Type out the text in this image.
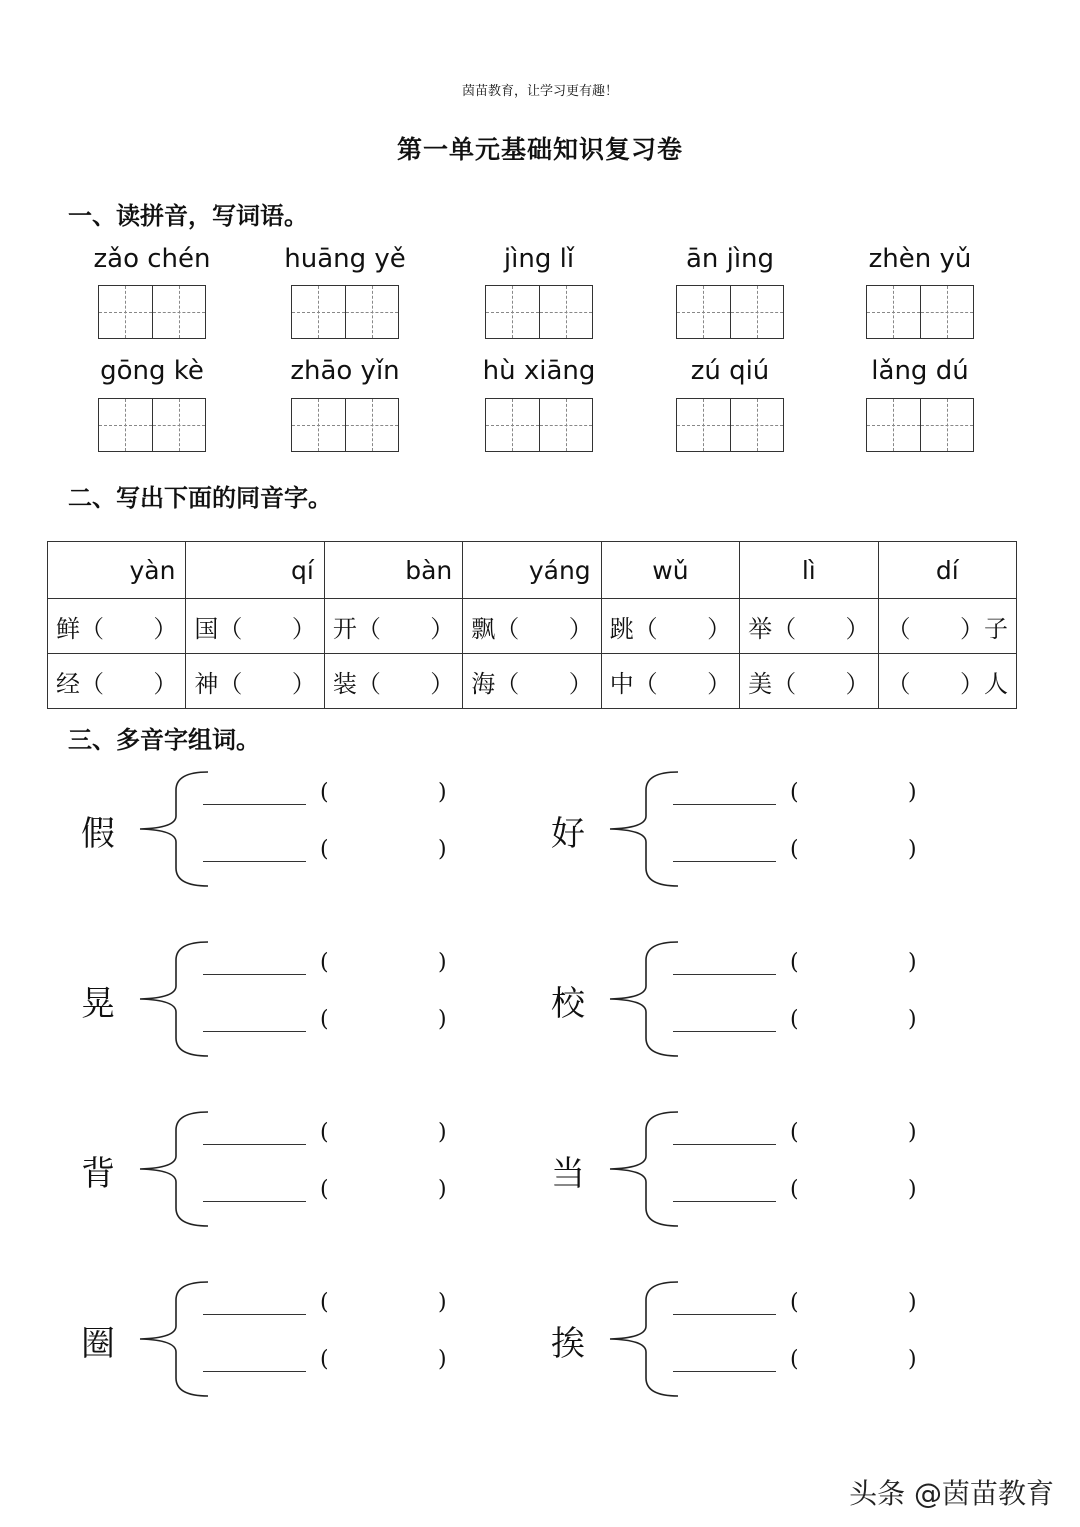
茵苗教育，让学习更有趣！
第一单元基础知识复习卷
一、读拼音，写词语。
zǎo chén	huāng yě	jìng lǐ	ān jìng	zhèn yǔ
gōng kè	zhāo yǐn	hù xiāng	zú qiú	lǎng dú
二、写出下面的同音字。
yàn	qí	bàn	yáng	wǔ	lì	dí

鲜（ ）	国（ ）	开（ ）	飘（ ）	跳（ ）	举（ ）	（ ）子

经（ ）	神（ ）	装（ ）	海（ ）	中（ ）	美（ ）	（ ）人
三、多音字组词。
假
(	)
(	)	好
(	)
(	)
晃
(	)
(	)	校
(	)
(	)
背
(	)
(	)	当
(	)
(	)
圈
(	)
(	)	挨
(	)
(	)
头条 @茵苗教育
